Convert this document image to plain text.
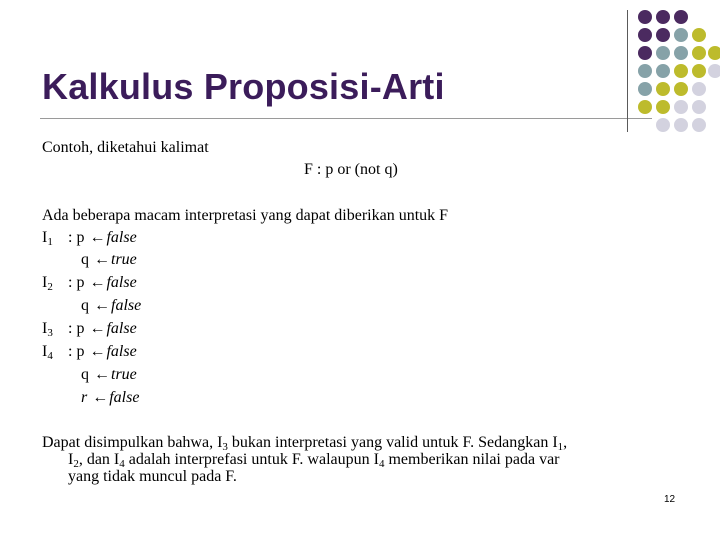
Kalkulus Proposisi-Arti
Contoh, diketahui kalimat
F : p or (not q)
Ada beberapa macam interpretasi yang dapat diberikan untuk F
$I_1$ : p ←false
q ←true
$I_2$ : p ←false
q ←false
$I_3$ : p ←false
$I_4$ : p ←false
q ←true
r ←false
Dapat disimpulkan bahwa, $I_3$ bukan interpretasi yang valid untuk F. Sedangkan $I_1$,
$I_2$, dan $I_4$ adalah interprefasi untuk F. walaupun $I_4$ memberikan nilai pada var
yang tidak muncul pada F.
12
